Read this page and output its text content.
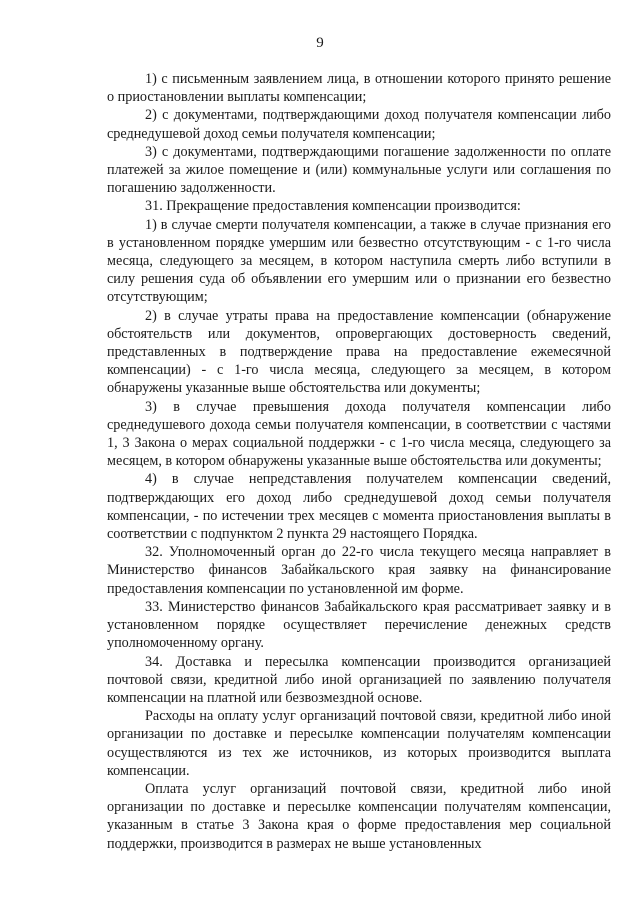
9

1) с письменным заявлением лица, в отношении которого принято решение о приостановлении выплаты компенсации;

2) с документами, подтверждающими доход получателя компенсации либо среднедушевой доход семьи получателя компенсации;

3) с документами, подтверждающими погашение задолженности по оплате платежей за жилое помещение и (или) коммунальные услуги или соглашения по погашению задолженности.

31. Прекращение предоставления компенсации производится:

1) в случае смерти получателя компенсации, а также в случае признания его в установленном порядке умершим или безвестно отсутствующим - с 1-го числа месяца, следующего за месяцем, в котором наступила смерть либо вступили в силу решения суда об объявлении его умершим или о признании его безвестно отсутствующим;

2) в случае утраты права на предоставление компенсации (обнаружение обстоятельств или документов, опровергающих достоверность сведений, представленных в подтверждение права на предоставление ежемесячной компенсации) - с 1-го числа месяца, следующего за месяцем, в котором обнаружены указанные выше обстоятельства или документы;

3) в случае превышения дохода получателя компенсации либо среднедушевого дохода семьи получателя компенсации, в соответствии с частями 1, 3 Закона о мерах социальной поддержки - с 1-го числа месяца, следующего за месяцем, в котором обнаружены указанные выше обстоятельства или документы;

4) в случае непредставления получателем компенсации сведений, подтверждающих его доход либо среднедушевой доход семьи получателя компенсации, - по истечении трех месяцев с момента приостановления выплаты в соответствии с подпунктом 2 пункта 29 настоящего Порядка.

32. Уполномоченный орган до 22-го числа текущего месяца направляет в Министерство финансов Забайкальского края заявку на финансирование предоставления компенсации по установленной им форме.

33. Министерство финансов Забайкальского края рассматривает заявку и в установленном порядке осуществляет перечисление денежных средств уполномоченному органу.

34. Доставка и пересылка компенсации производится организацией почтовой связи, кредитной либо иной организацией по заявлению получателя компенсации на платной или безвозмездной основе.

Расходы на оплату услуг организаций почтовой связи, кредитной либо иной организации по доставке и пересылке компенсации получателям компенсации осуществляются из тех же источников, из которых производится выплата компенсации.

Оплата услуг организаций почтовой связи, кредитной либо иной организации по доставке и пересылке компенсации получателям компенсации, указанным в статье 3 Закона края о форме предоставления мер социальной поддержки, производится в размерах не выше установленных
